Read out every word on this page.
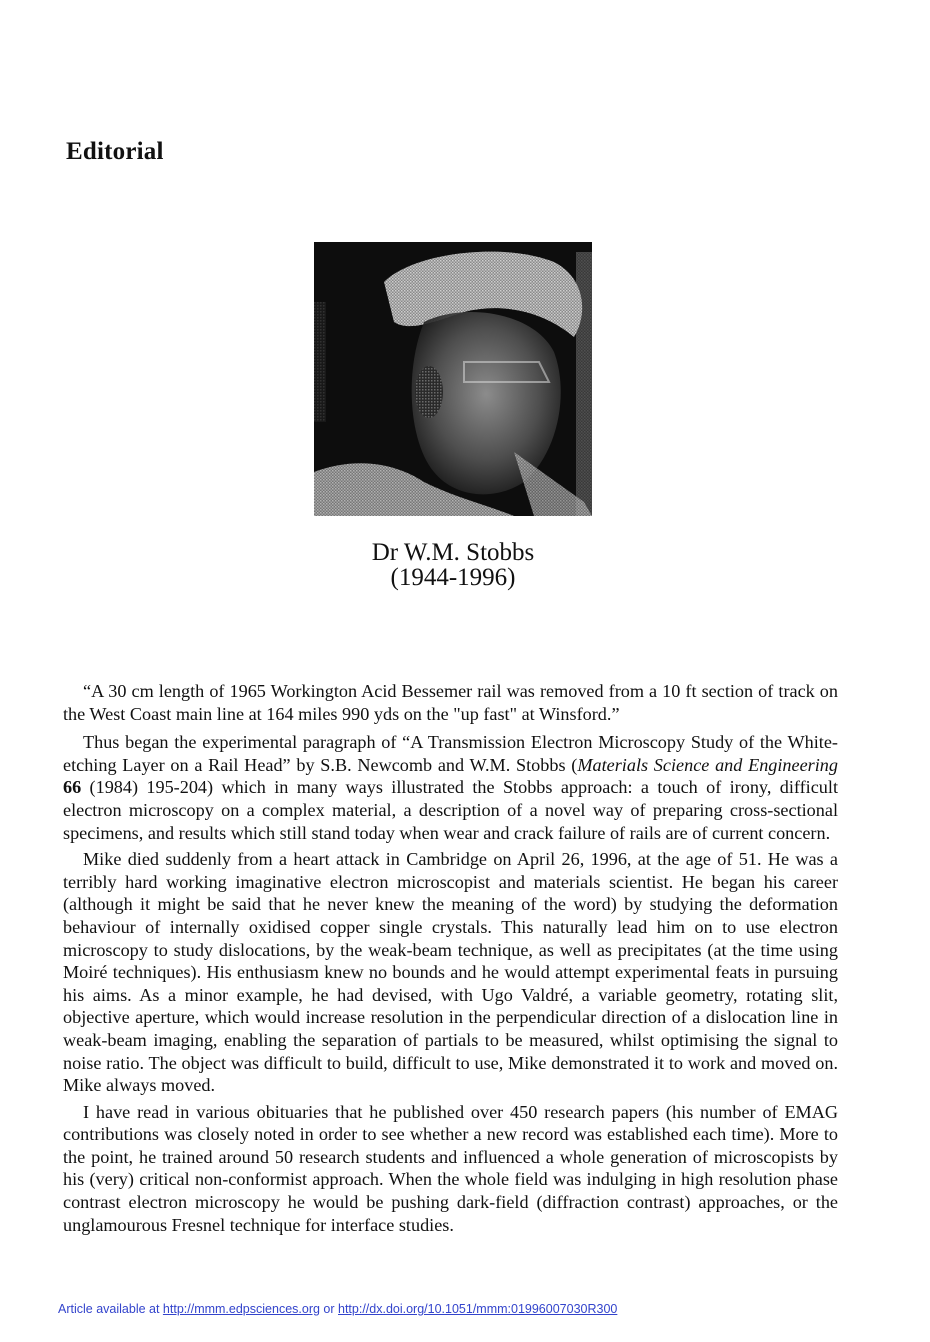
Editorial
Dr W.M. Stobbs
(1944-1996)

“A 30 cm length of 1965 Workington Acid Bessemer rail was removed from a 10 ft section of track on the West Coast main line at 164 miles 990 yds on the "up fast" at Winsford.”

Thus began the experimental paragraph of “A Transmission Electron Microscopy Study of the White-etching Layer on a Rail Head” by S.B. Newcomb and W.M. Stobbs (Materials Science and Engineering 66 (1984) 195-204) which in many ways illustrated the Stobbs approach: a touch of irony, difficult electron microscopy on a complex material, a description of a novel way of preparing cross-sectional specimens, and results which still stand today when wear and crack failure of rails are of current concern.

Mike died suddenly from a heart attack in Cambridge on April 26, 1996, at the age of 51. He was a terribly hard working imaginative electron microscopist and materials scientist. He began his career (although it might be said that he never knew the meaning of the word) by studying the deformation behaviour of internally oxidised copper single crystals. This naturally lead him on to use electron microscopy to study dislocations, by the weak-beam technique, as well as precipitates (at the time using Moiré techniques). His enthusiasm knew no bounds and he would attempt experimental feats in pursuing his aims. As a minor example, he had devised, with Ugo Valdré, a variable geometry, rotating slit, objective aperture, which would increase resolution in the perpendicular direction of a dislocation line in weak-beam imaging, enabling the separation of partials to be measured, whilst optimising the signal to noise ratio. The object was difficult to build, difficult to use, Mike demonstrated it to work and moved on. Mike always moved.

I have read in various obituaries that he published over 450 research papers (his number of EMAG contributions was closely noted in order to see whether a new record was established each time). More to the point, he trained around 50 research students and influenced a whole generation of microscopists by his (very) critical non-conformist approach. When the whole field was indulging in high resolution phase contrast electron microscopy he would be pushing dark-field (diffraction contrast) approaches, or the unglamourous Fresnel technique for interface studies.

Article available at http://mmm.edpsciences.org or http://dx.doi.org/10.1051/mmm:01996007030R300
